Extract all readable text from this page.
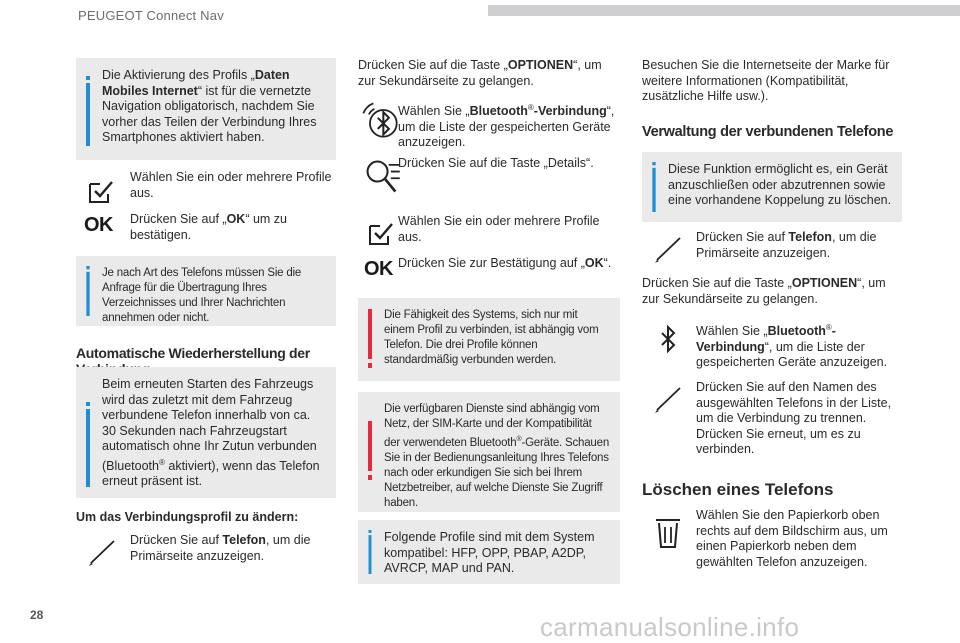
PEUGEOT Connect Nav
28	carmanualsonline.info
Die Aktivierung des Profils „Daten Mobiles Internet“ ist für die vernetzte Navigation obligatorisch, nachdem Sie vorher das Teilen der Verbindung Ihres Smartphones aktiviert haben.
Wählen Sie ein oder mehrere Profile aus.
OK	Drücken Sie auf „OK“ um zu bestätigen.
Je nach Art des Telefons müssen Sie die Anfrage für die Übertragung Ihres Verzeichnisses und Ihrer Nachrichten annehmen oder nicht.
Automatische Wiederherstellung der
Beim erneuten Starten des Fahrzeugs wird das zuletzt mit dem Fahrzeug verbundene Telefon innerhalb von ca. 30 Sekunden nach Fahrzeugstart automatisch ohne Ihr Zutun verbunden (Bluetooth® aktiviert), wenn das Telefon erneut präsent ist.
Um das Verbindungsprofil zu ändern:
Drücken Sie auf Telefon, um die Primärseite anzuzeigen.
Drücken Sie auf die Taste „OPTIONEN“, um zur Sekundärseite zu gelangen.
Wählen Sie „Bluetooth®-Verbindung“, um die Liste der gespeicherten Geräte anzuzeigen.
Drücken Sie auf die Taste „Details“.
Wählen Sie ein oder mehrere Profile aus.
OK Drücken Sie zur Bestätigung auf „OK“.
Die Fähigkeit des Systems, sich nur mit einem Profil zu verbinden, ist abhängig vom Telefon. Die drei Profile können standardmäßig verbunden werden.
Die verfügbaren Dienste sind abhängig vom Netz, der SIM-Karte und der Kompatibilität der verwendeten Bluetooth®-Geräte. Schauen Sie in der Bedienungsanleitung Ihres Telefons nach oder erkundigen Sie sich bei Ihrem Netzbetreiber, auf welche Dienste Sie Zugriff haben.
Folgende Profile sind mit dem System kompatibel: HFP, OPP, PBAP, A2DP, AVRCP, MAP und PAN.
Besuchen Sie die Internetseite der Marke für weitere Informationen (Kompatibilität, zusätzliche Hilfe usw.).
Verwaltung der verbundenen Telefone
Diese Funktion ermöglicht es, ein Gerät anzuschließen oder abzutrennen sowie eine vorhandene Koppelung zu löschen.
Drücken Sie auf Telefon, um die Primärseite anzuzeigen.
Drücken Sie auf die Taste „OPTIONEN“, um zur Sekundärseite zu gelangen.
Wählen Sie „Bluetooth®-Verbindung“, um die Liste der gespeicherten Geräte anzuzeigen.
Drücken Sie auf den Namen des ausgewählten Telefons in der Liste, um die Verbindung zu trennen. Drücken Sie erneut, um es zu verbinden.
Löschen eines Telefons
Wählen Sie den Papierkorb oben rechts auf dem Bildschirm aus, um einen Papierkorb neben dem gewählten Telefon anzuzeigen.
